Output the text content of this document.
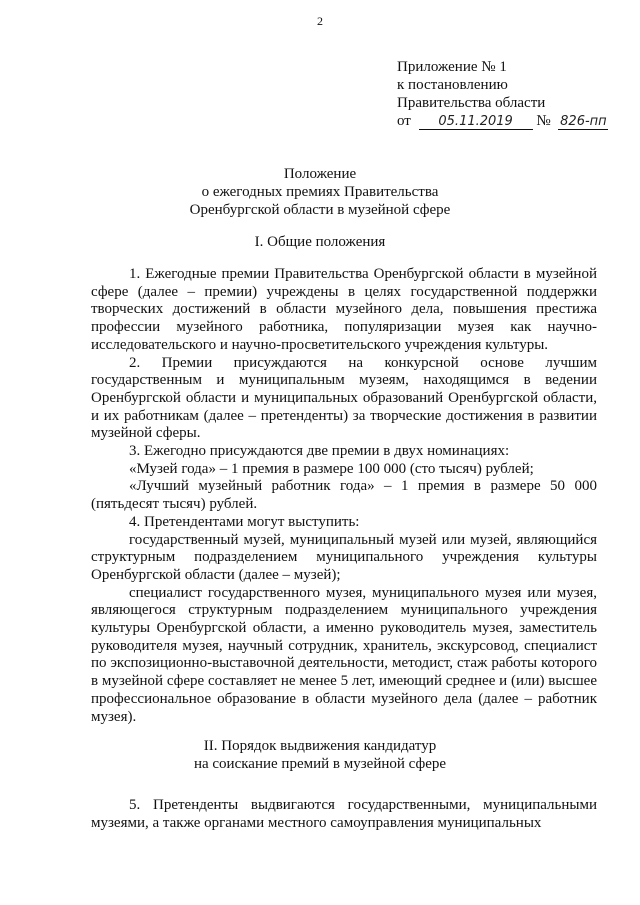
2
Приложение № 1
к постановлению
Правительства области
от 05.11.2019 № 826-пп
Положение
о ежегодных премиях Правительства
Оренбургской области в музейной сфере
I. Общие положения

1. Ежегодные премии Правительства Оренбургской области в музейной сфере (далее – премии) учреждены в целях государственной поддержки творческих достижений в области музейного дела, повышения престижа профессии музейного работника, популяризации музея как научно-исследовательского и научно-просветительского учреждения культуры.

2. Премии присуждаются на конкурсной основе лучшим государственным и муниципальным музеям, находящимся в ведении Оренбургской области и муниципальных образований Оренбургской области, и их работникам (далее – претенденты) за творческие достижения в развитии музейной сферы.

3. Ежегодно присуждаются две премии в двух номинациях:

«Музей года» – 1 премия в размере 100 000 (сто тысяч) рублей;

«Лучший музейный работник года» – 1 премия в размере 50 000 (пятьдесят тысяч) рублей.

4. Претендентами могут выступить:

государственный музей, муниципальный музей или музей, являющийся структурным подразделением муниципального учреждения культуры Оренбургской области (далее – музей);

специалист государственного музея, муниципального музея или музея, являющегося структурным подразделением муниципального учреждения культуры Оренбургской области, а именно руководитель музея, заместитель руководителя музея, научный сотрудник, хранитель, экскурсовод, специалист по экспозиционно-выставочной деятельности, методист, стаж работы которого в музейной сфере составляет не менее 5 лет, имеющий среднее и (или) высшее профессиональное образование в области музейного дела (далее – работник музея).

II. Порядок выдвижения кандидатур
на соискание премий в музейной сфере

5. Претенденты выдвигаются государственными, муниципальными музеями, а также органами местного самоуправления муниципальных
